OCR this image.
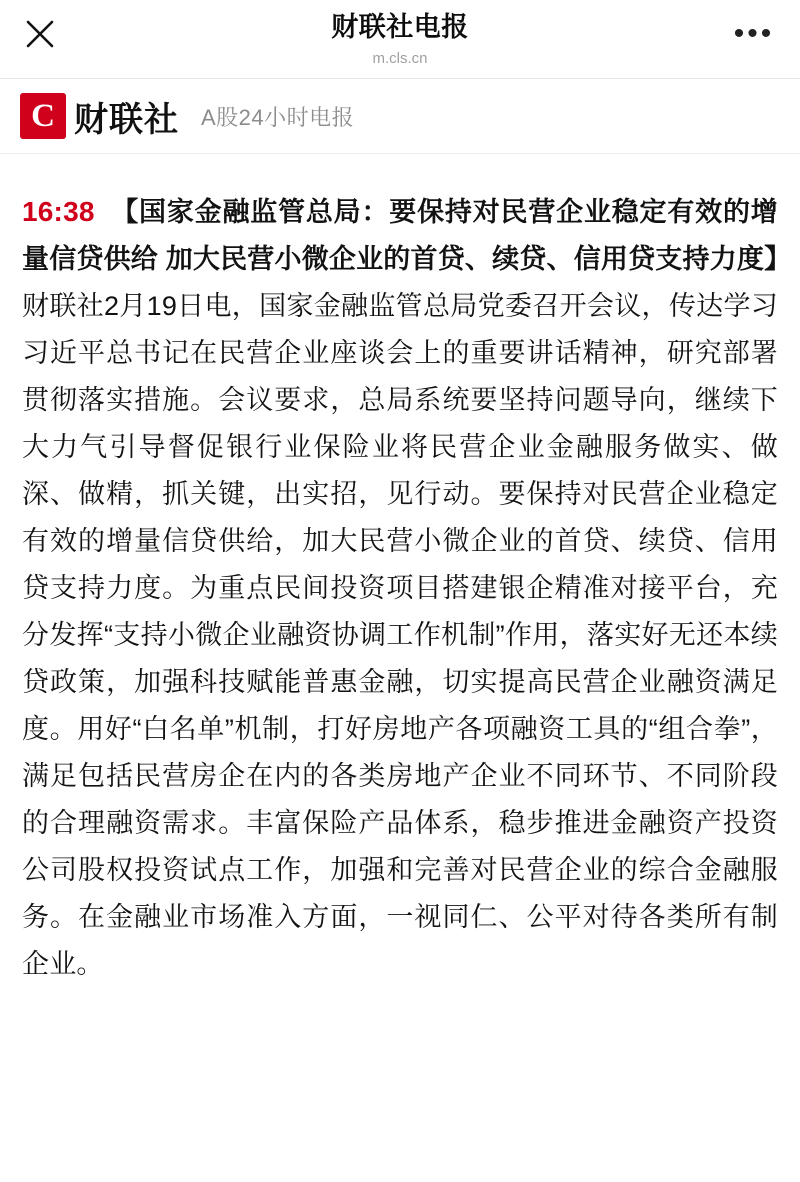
财联社电报
m.cls.cn
•••
C 财联社 A股24小时电报
16:38 【国家金融监管总局：要保持对民营企业稳定有效的增量信贷供给 加大民营小微企业的首贷、续贷、信用贷支持力度】财联社2月19日电，国家金融监管总局党委召开会议，传达学习习近平总书记在民营企业座谈会上的重要讲话精神，研究部署贯彻落实措施。会议要求，总局系统要坚持问题导向，继续下大力气引导督促银行业保险业将民营企业金融服务做实、做深、做精，抓关键，出实招，见行动。要保持对民营企业稳定有效的增量信贷供给，加大民营小微企业的首贷、续贷、信用贷支持力度。为重点民间投资项目搭建银企精准对接平台，充分发挥“支持小微企业融资协调工作机制”作用，落实好无还本续贷政策，加强科技赋能普惠金融，切实提高民营企业融资满足度。用好“白名单”机制，打好房地产各项融资工具的“组合拳”，满足包括民营房企在内的各类房地产企业不同环节、不同阶段的合理融资需求。丰富保险产品体系，稳步推进金融资产投资公司股权投资试点工作，加强和完善对民营企业的综合金融服务。在金融业市场准入方面，一视同仁、公平对待各类所有制企业。
